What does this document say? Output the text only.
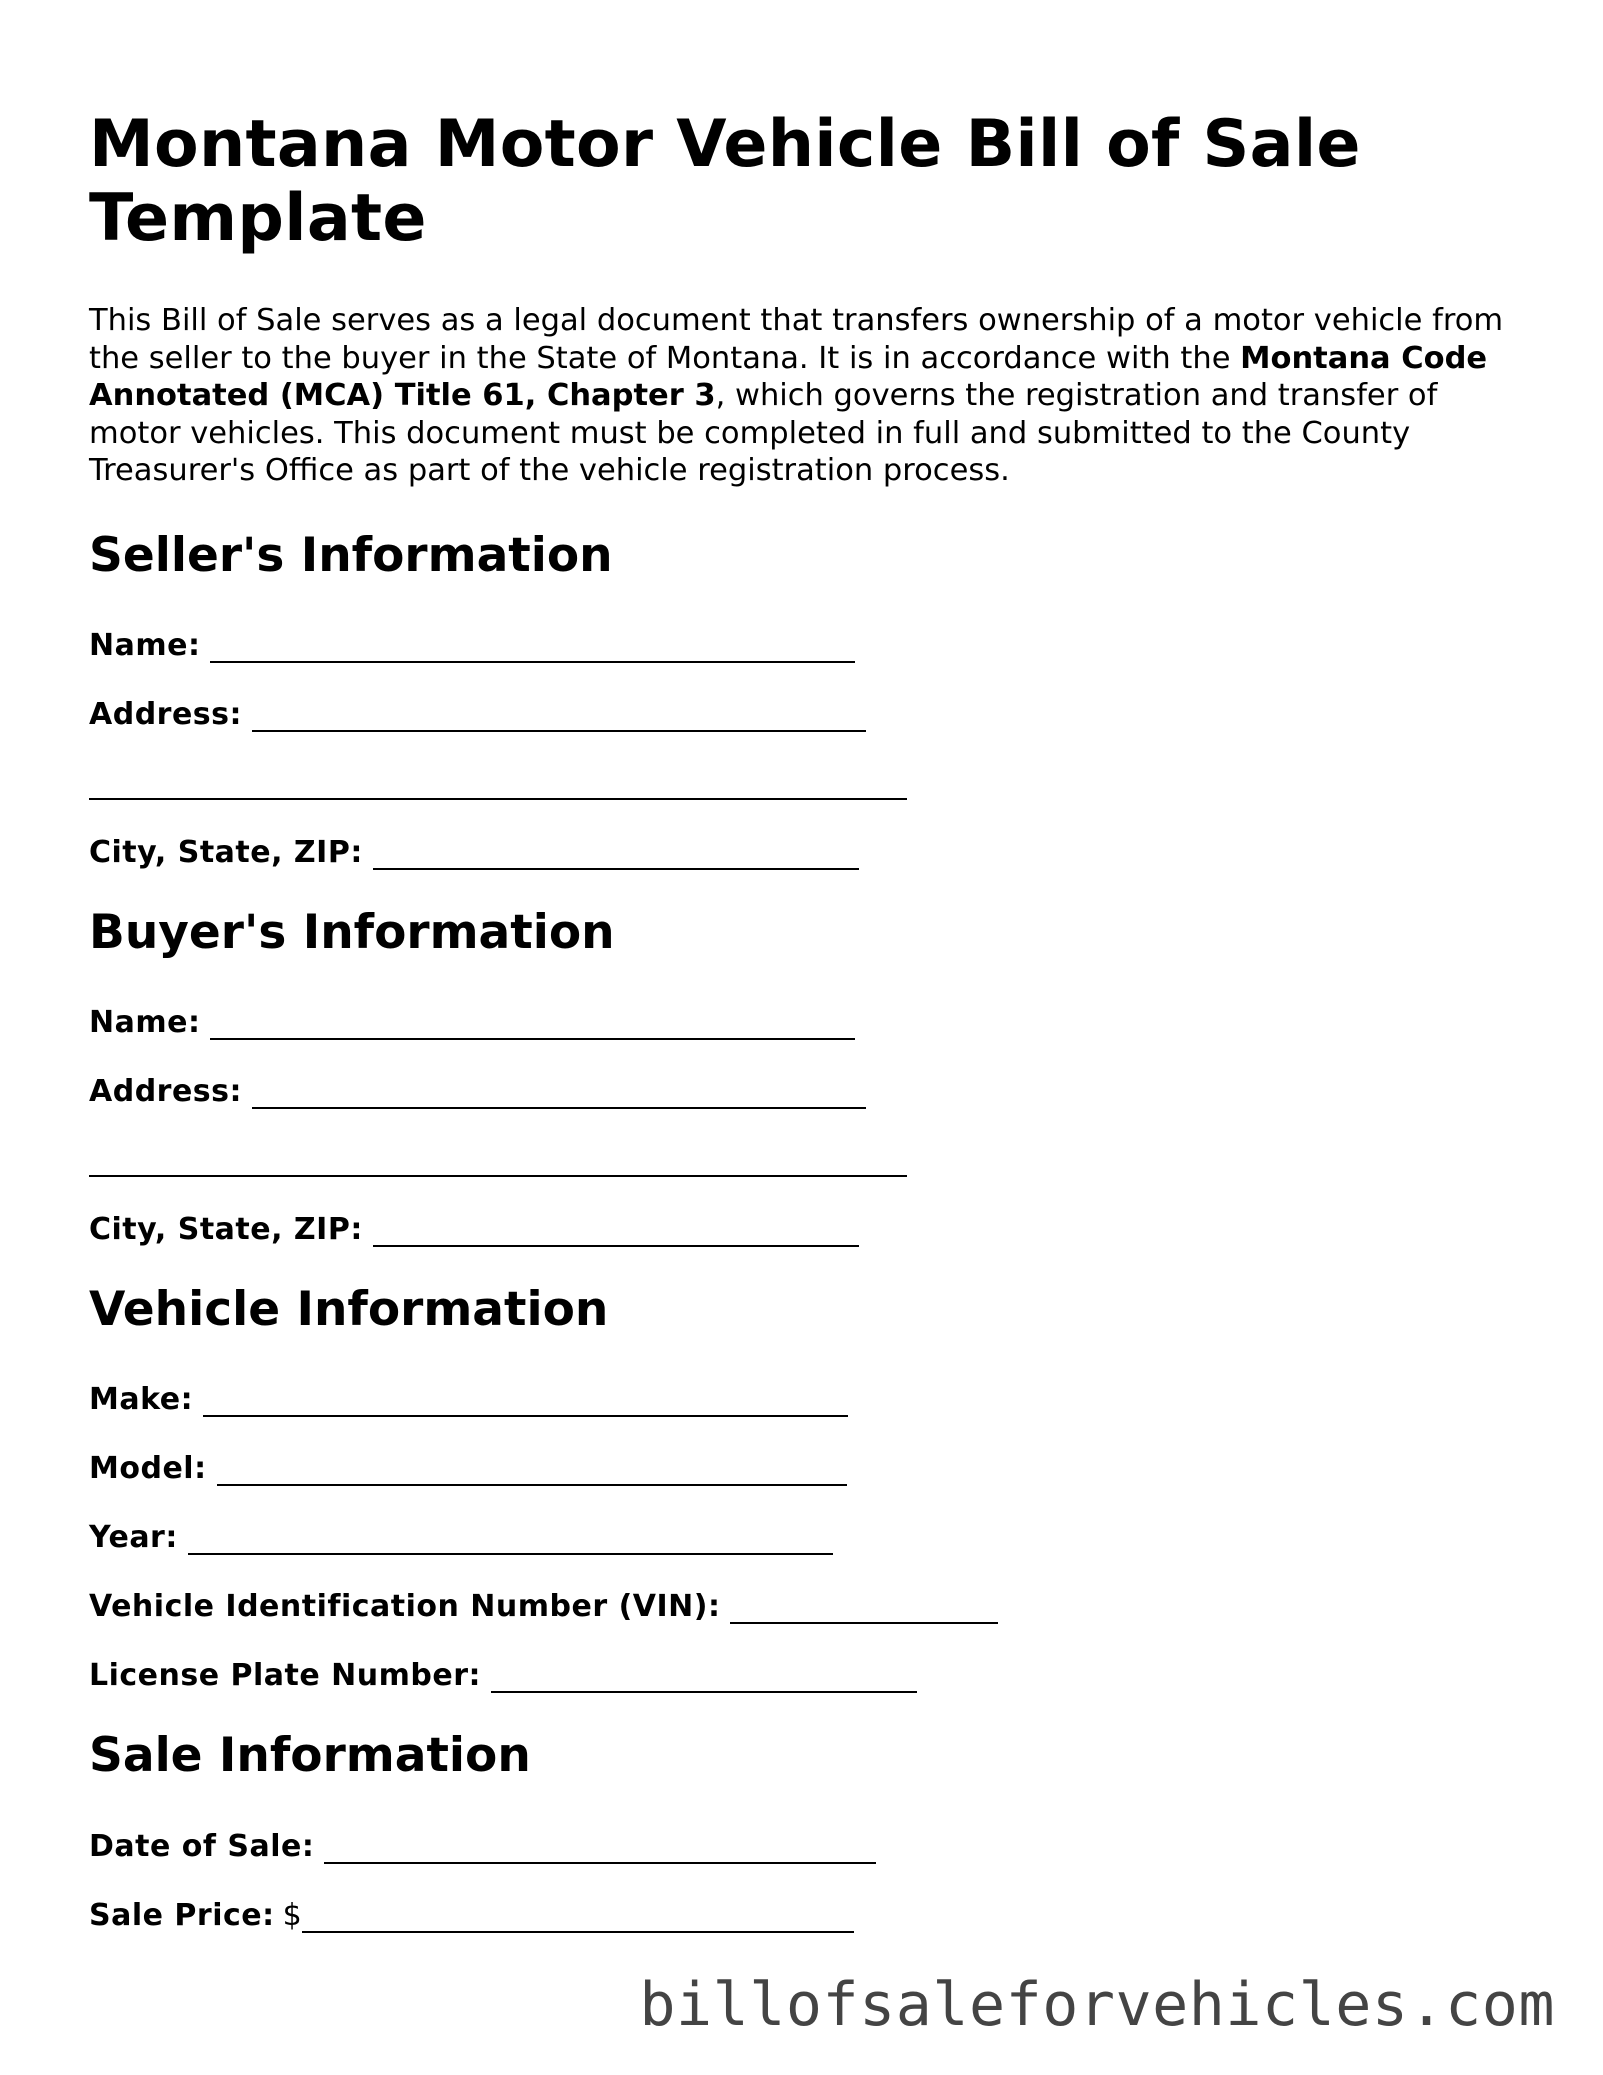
Montana Motor Vehicle Bill of Sale Template

This Bill of Sale serves as a legal document that transfers ownership of a motor vehicle from the seller to the buyer in the State of Montana. It is in accordance with the Montana Code Annotated (MCA) Title 61, Chapter 3, which governs the registration and transfer of motor vehicles. This document must be completed in full and submitted to the County Treasurer's Office as part of the vehicle registration process.

Seller's Information
Name:
Address:
City, State, ZIP:
Buyer's Information
Name:
Address:
City, State, ZIP:
Vehicle Information
Make:
Model:
Year:
Vehicle Identification Number (VIN):
License Plate Number:
Sale Information
Date of Sale:
Sale Price: $
billofsaleforvehicles.com
